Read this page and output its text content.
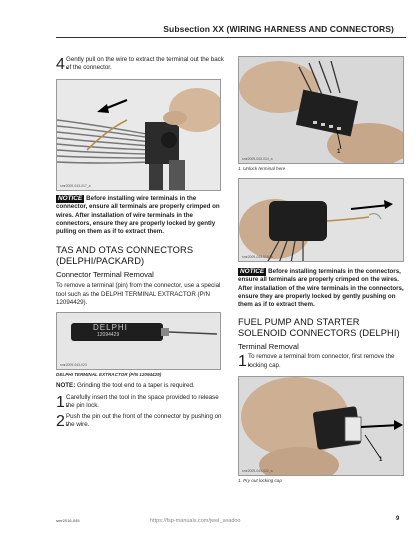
Subsection XX (WIRING HARNESS AND CONNECTORS)
4.

Gently pull on the wire to extract the terminal out the back of the connector.

smr2009-043-017_a
NOTICE Before installing wire terminals in the connector, ensure all terminals are properly crimped on wires. After installation of wire terminals in the connectors, ensure they are properly locked by gently pulling on them as if to extract them.
TAS AND OTAS CONNECTORS (DELPHI/PACKARD)
Connector Terminal Removal

To remove a terminal (pin) from the connector, use a special tool such as the DELPHI TERMINAL EXTRACTOR (P/N 12094429).

DELPHI
12094429
smr2009-043-023
DELPHI TERMINAL EXTRACTOR (P/N 12094429)

NOTE: Grinding the tool end to a taper is required.

1.

Carefully insert the tool in the space provided to release the pin lock.

2.

Push the pin out the front of the connector by pushing on the wire.

1
smr2009-043-014_a
1. Unlock terminal here
smr2009-043-015_a
NOTICE Before installing terminals in the connectors, ensure all terminals are properly crimped on the wires. After installation of the wire terminals in the connectors, ensure they are properly locked by gently pushing on them as if to extract them.
FUEL PUMP AND STARTER SOLENOID CONNECTORS (DELPHI)
Terminal Removal
1.

To remove a terminal from connector, first remove the locking cap.

1
smr2009-043-022_a
1. Pry out locking cap
smr2016-045	https://fsp-manuals.com/jwel_seadoo	9
